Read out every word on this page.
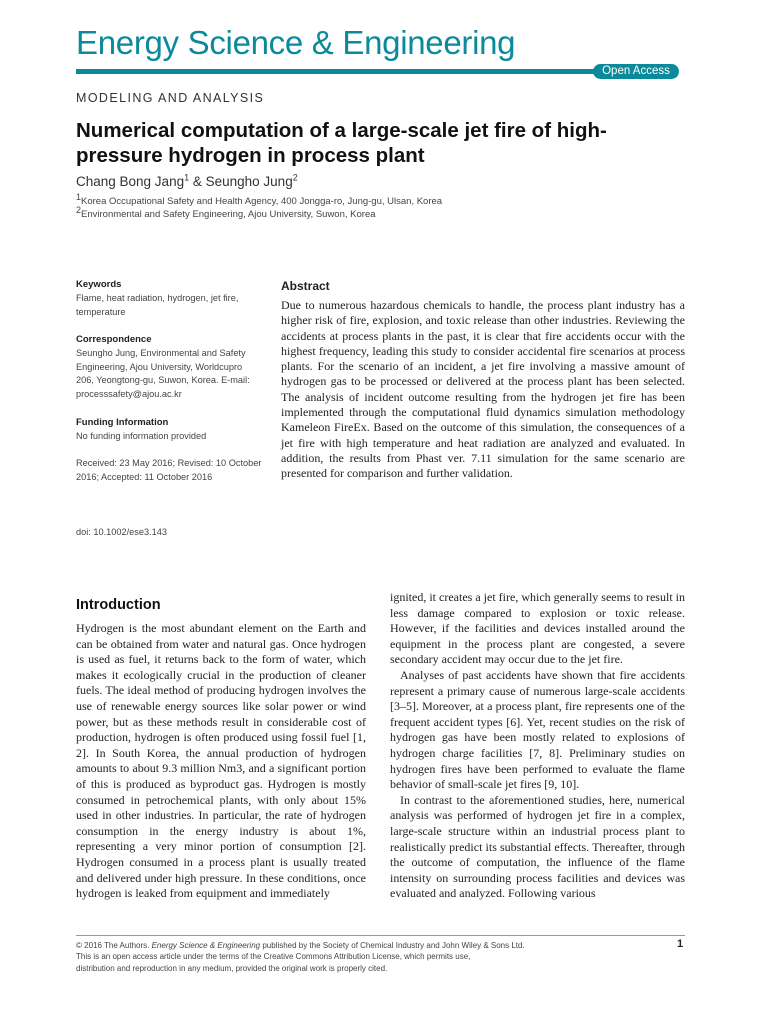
Energy Science & Engineering
Open Access
MODELING AND ANALYSIS
Numerical computation of a large-scale jet fire of high-pressure hydrogen in process plant
Chang Bong Jang$^1$ & Seungho Jung$^2$
$^1$Korea Occupational Safety and Health Agency, 400 Jongga-ro, Jung-gu, Ulsan, Korea
$^2$Environmental and Safety Engineering, Ajou University, Suwon, Korea
Keywords
Flame, heat radiation, hydrogen, jet fire, temperature
Correspondence
Seungho Jung, Environmental and Safety Engineering, Ajou University, Worldcupro 206, Yeongtong-gu, Suwon, Korea. E-mail: processsafety@ajou.ac.kr
Funding Information
No funding information provided
Received: 23 May 2016; Revised: 10 October 2016; Accepted: 11 October 2016
doi: 10.1002/ese3.143
Abstract
Due to numerous hazardous chemicals to handle, the process plant industry has a higher risk of fire, explosion, and toxic release than other industries. Reviewing the accidents at process plants in the past, it is clear that fire accidents occur with the highest frequency, leading this study to consider accidental fire scenarios at process plants. For the scenario of an incident, a jet fire involving a massive amount of hydrogen gas to be processed or delivered at the process plant has been selected. The analysis of incident outcome resulting from the hydrogen jet fire has been implemented through the computational fluid dynamics simulation methodology Kameleon FireEx. Based on the outcome of this simulation, the consequences of a jet fire with high temperature and heat radiation are analyzed and evaluated. In addition, the results from Phast ver. 7.11 simulation for the same scenario are presented for comparison and further validation.
Introduction
Hydrogen is the most abundant element on the Earth and can be obtained from water and natural gas. Once hydrogen is used as fuel, it returns back to the form of water, which makes it ecologically crucial in the production of cleaner fuels. The ideal method of producing hydrogen involves the use of renewable energy sources like solar power or wind power, but as these methods result in considerable cost of production, hydrogen is often produced using fossil fuel [1, 2]. In South Korea, the annual production of hydrogen amounts to about 9.3 million Nm3, and a significant portion of this is produced as byproduct gas. Hydrogen is mostly consumed in petrochemical plants, with only about 15% used in other industries. In particular, the rate of hydrogen consumption in the energy industry is about 1%, representing a very minor portion of consumption [2]. Hydrogen consumed in a process plant is usually treated and delivered under high pressure. In these conditions, once hydrogen is leaked from equipment and immediately

ignited, it creates a jet fire, which generally seems to result in less damage compared to explosion or toxic release. However, if the facilities and devices installed around the equipment in the process plant are congested, a severe secondary accident may occur due to the jet fire.

Analyses of past accidents have shown that fire accidents represent a primary cause of numerous large-scale accidents [3–5]. Moreover, at a process plant, fire represents one of the frequent accident types [6]. Yet, recent studies on the risk of hydrogen gas have been mostly related to explosions of hydrogen charge facilities [7, 8]. Preliminary studies on hydrogen fires have been performed to evaluate the flame behavior of small-scale jet fires [9, 10].

In contrast to the aforementioned studies, here, numerical analysis was performed of hydrogen jet fire in a complex, large-scale structure within an industrial process plant to realistically predict its substantial effects. Thereafter, through the outcome of computation, the influence of the flame intensity on surrounding process facilities and devices was evaluated and analyzed. Following various

© 2016 The Authors. Energy Science & Engineering published by the Society of Chemical Industry and John Wiley & Sons Ltd.
This is an open access article under the terms of the Creative Commons Attribution License, which permits use,
distribution and reproduction in any medium, provided the original work is properly cited.
1
